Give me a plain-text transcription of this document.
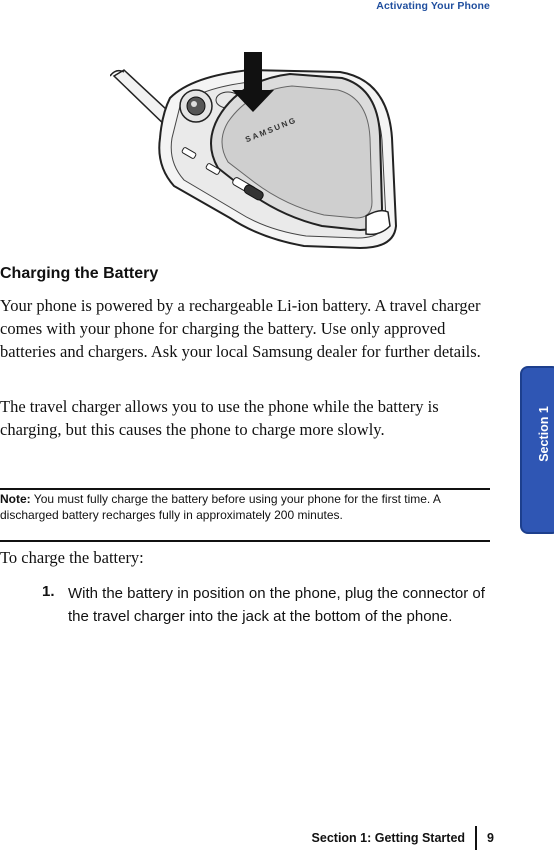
Activating Your Phone
SAMSUNG
Charging the Battery

Your phone is powered by a rechargeable Li-ion battery. A travel charger comes with your phone for charging the battery. Use only approved batteries and chargers. Ask your local Samsung dealer for further details.

The travel charger allows you to use the phone while the battery is charging, but this causes the phone to charge more slowly.

Note: You must fully charge the battery before using your phone for the first time. A discharged battery recharges fully in approximately 200 minutes.

To charge the battery:

1. With the battery in position on the phone, plug the connector of the travel charger into the jack at the bottom of the phone.

Section 1
Section 1: Getting Started 9
